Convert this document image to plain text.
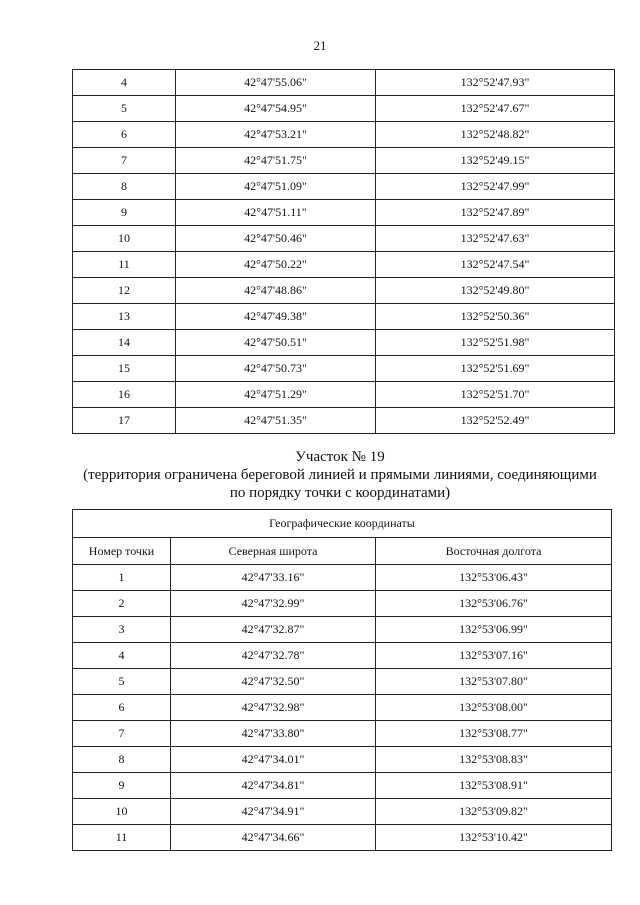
21
4	42°47'55.06"	132°52'47.93"
5	42°47'54.95"	132°52'47.67"
6	42°47'53.21"	132°52'48.82"
7	42°47'51.75"	132°52'49.15"
8	42°47'51.09"	132°52'47.99"
9	42°47'51.11"	132°52'47.89"
10	42°47'50.46"	132°52'47.63"
11	42°47'50.22"	132°52'47.54"
12	42°47'48.86"	132°52'49.80"
13	42°47'49.38"	132°52'50.36"
14	42°47'50.51"	132°52'51.98"
15	42°47'50.73"	132°52'51.69"
16	42°47'51.29"	132°52'51.70"
17	42°47'51.35"	132°52'52.49"
Участок № 19
(территория ограничена береговой линией и прямыми линиями, соединяющими
по порядку точки с координатами)
Географические координаты		
Номер точки	Северная широта	Восточная долгота
1	42°47'33.16"	132°53'06.43"
2	42°47'32.99"	132°53'06.76"
3	42°47'32.87"	132°53'06.99"
4	42°47'32.78"	132°53'07.16"
5	42°47'32.50"	132°53'07.80"
6	42°47'32.98"	132°53'08.00"
7	42°47'33.80"	132°53'08.77"
8	42°47'34.01"	132°53'08.83"
9	42°47'34.81"	132°53'08.91"
10	42°47'34.91"	132°53'09.82"
11	42°47'34.66"	132°53'10.42"
